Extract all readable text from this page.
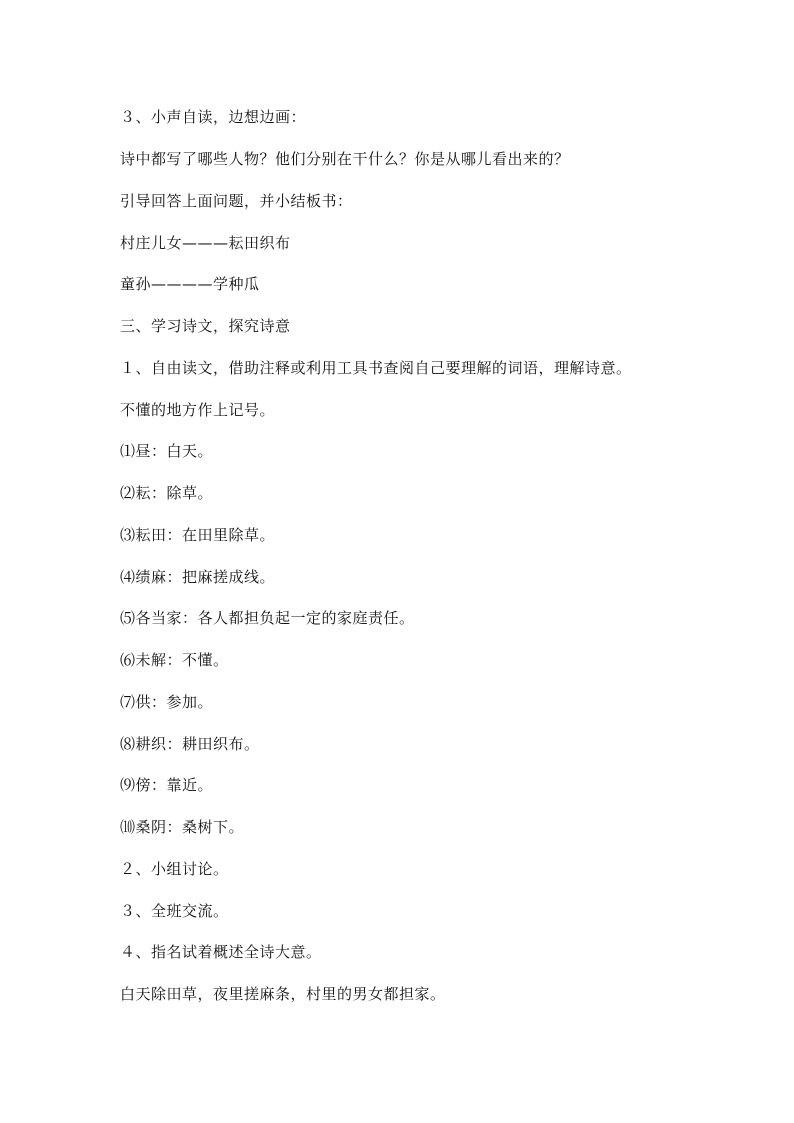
３、小声自读，边想边画：
诗中都写了哪些人物？他们分别在干什么？你是从哪儿看出来的？
引导回答上面问题，并小结板书：
村庄儿女———耘田织布
童孙————学种瓜
三、学习诗文，探究诗意
１、自由读文，借助注释或利用工具书查阅自己要理解的词语，理解诗意。
不懂的地方作上记号。
⑴昼：白天。
⑵耘：除草。
⑶耘田：在田里除草。
⑷绩麻：把麻搓成线。
⑸各当家：各人都担负起一定的家庭责任。
⑹未解：不懂。
⑺供：参加。
⑻耕织：耕田织布。
⑼傍：靠近。
⑽桑阴：桑树下。
２、小组讨论。
３、全班交流。
４、指名试着概述全诗大意。
白天除田草，夜里搓麻条，村里的男女都担家。
